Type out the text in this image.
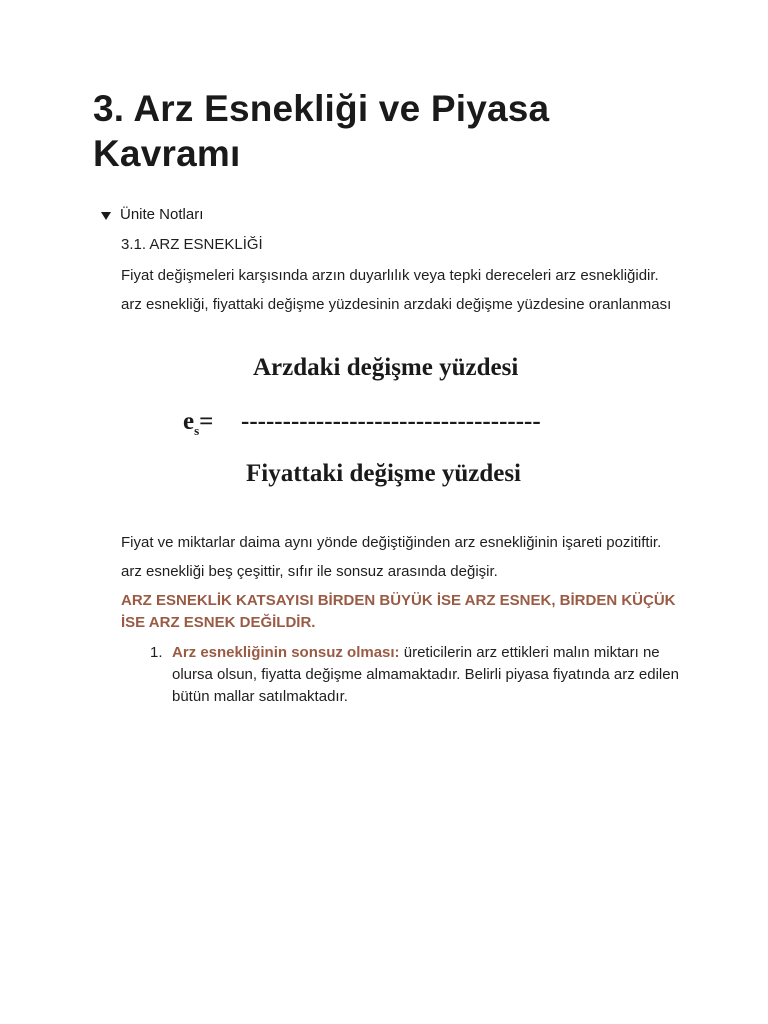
3. Arz Esnekliği ve Piyasa Kavramı
Ünite Notları

3.1. ARZ ESNEKLİĞİ

Fiyat değişmeleri karşısında arzın duyarlılık veya tepki dereceleri arz esnekliğidir.

arz esnekliği, fiyattaki değişme yüzdesinin arzdaki değişme yüzdesine oranlanması

Arzdaki değişme yüzdesi
$e_s=$ ------------------------------------
Fiyattaki değişme yüzdesi

Fiyat ve miktarlar daima aynı yönde değiştiğinden arz esnekliğinin işareti pozitiftir.

arz esnekliği beş çeşittir, sıfır ile sonsuz arasında değişir.

ARZ ESNEKLİK KATSAYISI BİRDEN BÜYÜK İSE ARZ ESNEK, BİRDEN KÜÇÜK İSE ARZ ESNEK DEĞİLDİR.

1. Arz esnekliğinin sonsuz olması: üreticilerin arz ettikleri malın miktarı ne olursa olsun, fiyatta değişme almamaktadır. Belirli piyasa fiyatında arz edilen bütün mallar satılmaktadır.
